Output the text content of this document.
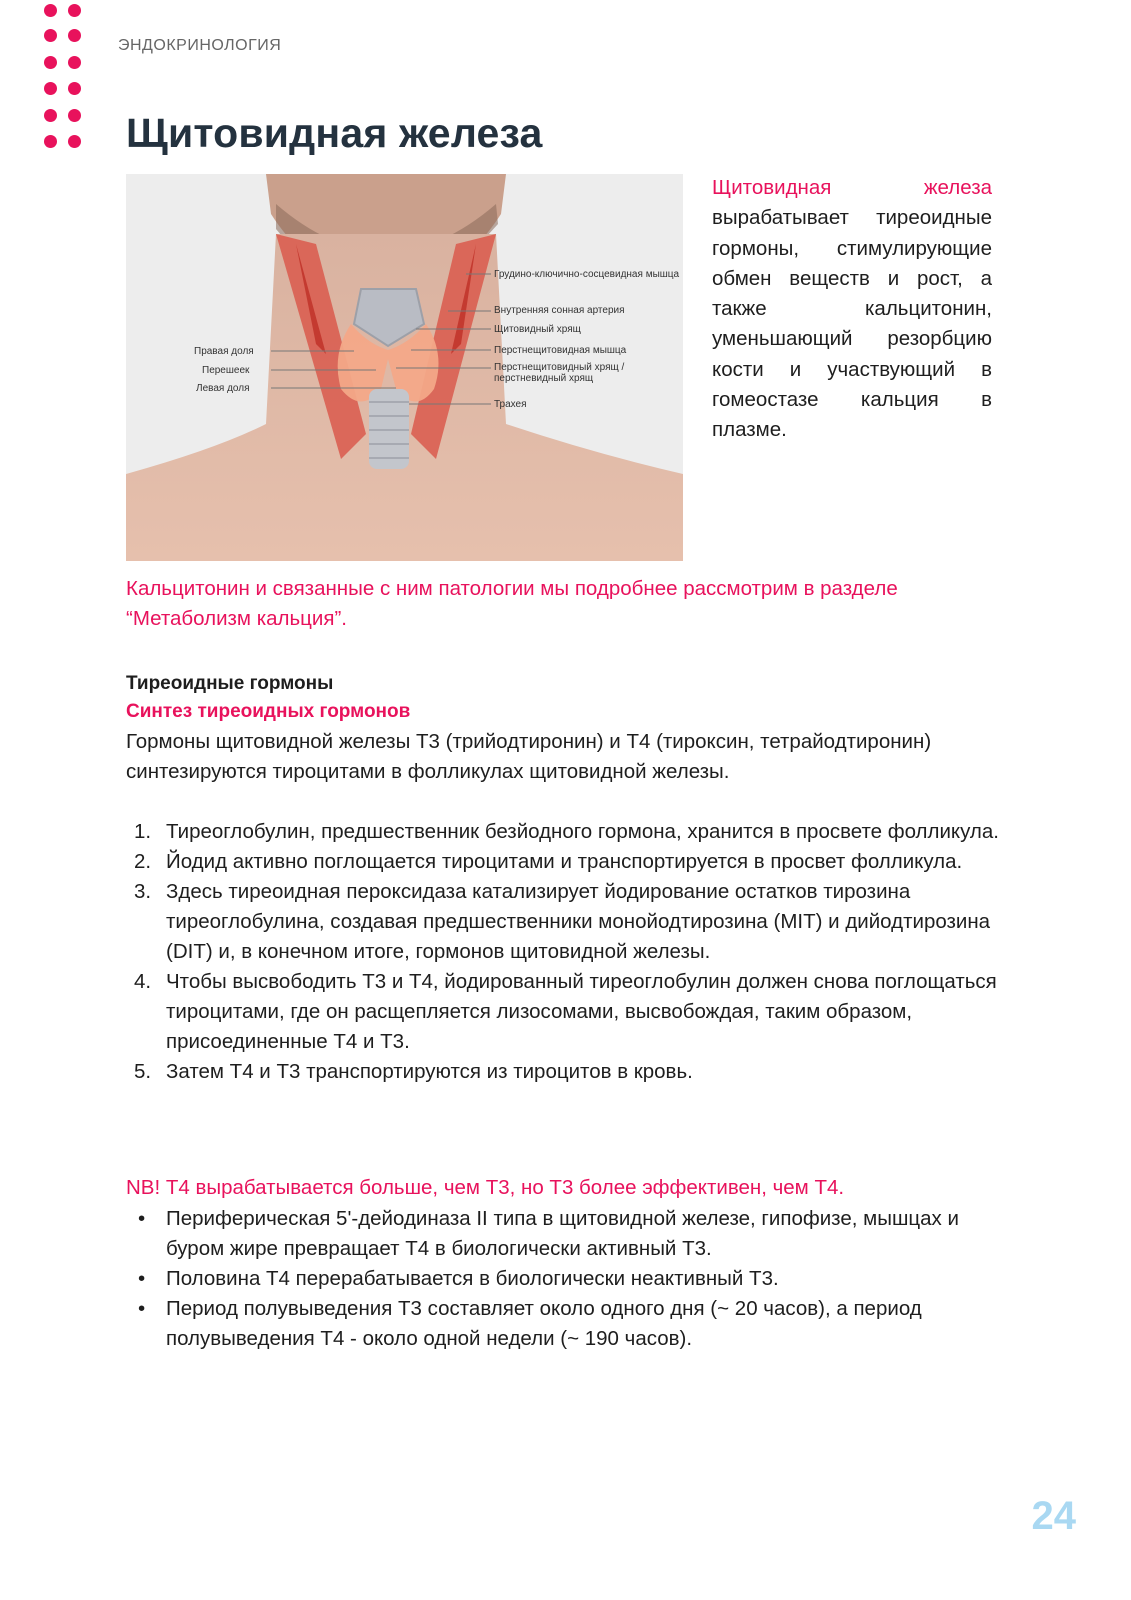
ЭНДОКРИНОЛОГИЯ
Щитовидная железа
Грудино-ключично-сосцевидная мышца
Внутренняя сонная артерия
Щитовидный хрящ
Перстнещитовидная мышца
Перстнещитовидный хрящ / перстневидный хрящ
Трахея
Правая доля
Перешеек
Левая доля

Щитовидная железа вырабатывает тиреоидные гормоны, стимулирующие обмен веществ и рост, а также кальцитонин, уменьшающий резорбцию кости и участвующий в гомеостазе кальция в плазме.

Кальцитонин и связанные с ним патологии мы подробнее рассмотрим в разделе “Метаболизм кальция”.

Тиреоидные гормоны
Синтез тиреоидных гормонов

Гормоны щитовидной железы Т3 (трийодтиронин) и Т4 (тироксин, тетрайодтиронин) синтезируются тироцитами в фолликулах щитовидной железы.

1. Тиреоглобулин, предшественник безйодного гормона, хранится в просвете фолликула.
2. Йодид активно поглощается тироцитами и транспортируется в просвет фолликула.
3. Здесь тиреоидная пероксидаза катализирует йодирование остатков тирозина тиреоглобулина, создавая предшественники монойодтирозина (MIT) и дийодтирозина (DIT) и, в конечном итоге, гормонов щитовидной железы.
4. Чтобы высвободить Т3 и Т4, йодированный тиреоглобулин должен снова поглощаться тироцитами, где он расщепляется лизосомами, высвобождая, таким образом, присоединенные Т4 и Т3.
5. Затем Т4 и Т3 транспортируются из тироцитов в кровь.

NB! Т4 вырабатывается больше, чем Т3, но Т3 более эффективен, чем Т4.

• Периферическая 5'-дейодиназа II типа в щитовидной железе, гипофизе, мышцах и буром жире превращает Т4 в биологически активный Т3.
• Половина Т4 перерабатывается в биологически неактивный Т3.
• Период полувыведения Т3 составляет около одного дня (~ 20 часов), а период полувыведения Т4 - около одной недели (~ 190 часов).
24
